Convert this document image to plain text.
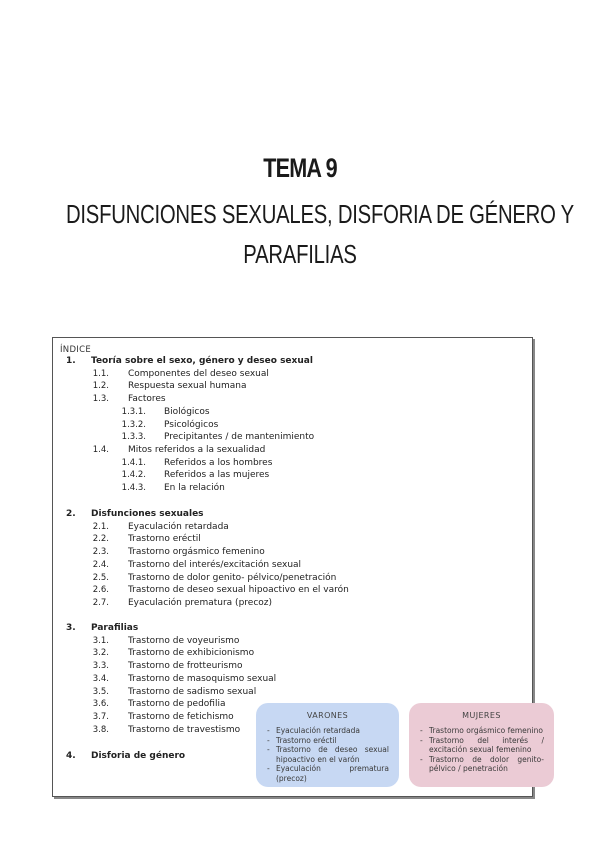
TEMA 9
DISFUNCIONES SEXUALES, DISFORIA DE GÉNERO Y
PARAFILIAS
ÍNDICE
1. Teoría sobre el sexo, género y deseo sexual
1.1. Componentes del deseo sexual
1.2. Respuesta sexual humana
1.3. Factores
1.3.1. Biológicos
1.3.2. Psicológicos
1.3.3. Precipitantes / de mantenimiento
1.4. Mitos referidos a la sexualidad
1.4.1. Referidos a los hombres
1.4.2. Referidos a las mujeres
1.4.3. En la relación
2. Disfunciones sexuales
2.1. Eyaculación retardada
2.2. Trastorno eréctil
2.3. Trastorno orgásmico femenino
2.4. Trastorno del interés/excitación sexual
2.5. Trastorno de dolor genito- pélvico/penetración
2.6. Trastorno de deseo sexual hipoactivo en el varón
2.7. Eyaculación prematura (precoz)
3. Parafilias
3.1. Trastorno de voyeurismo
3.2. Trastorno de exhibicionismo
3.3. Trastorno de frotteurismo
3.4. Trastorno de masoquismo sexual
3.5. Trastorno de sadismo sexual
3.6. Trastorno de pedofilia
3.7. Trastorno de fetichismo
3.8. Trastorno de travestismo
4. Disforia de género
VARONES
- Eyaculación retardada
- Trastorno eréctil
- Trastorno de deseo sexual hipoactivo en el varón
- Eyaculación prematura (precoz)
MUJERES
- Trastorno orgásmico femenino
- Trastorno del interés / excitación sexual femenino
- Trastorno de dolor genito-pélvico / penetración
